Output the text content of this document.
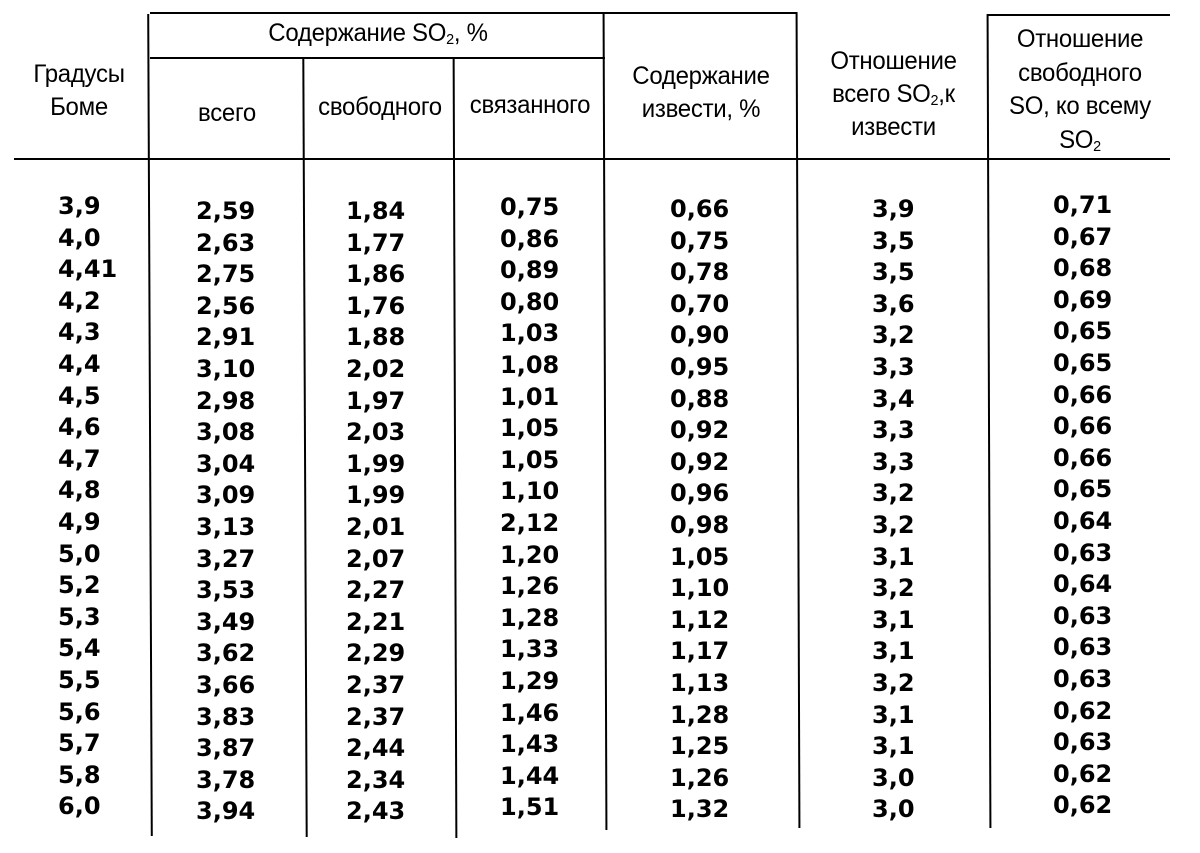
Градусы
Боме
Содержание $SO_2$, %
всего	свободного	связанного
Содержание
извести, %
Отношение
всего $SO_2,к$
извести
Отношение
свободного
SO, ко всему
$SO_2$
3,9
4,0
4,41
4,2
4,3
4,4
4,5
4,6
4,7
4,8
4,9
5,0
5,2
5,3
5,4
5,5
5,6
5,7
5,8
6,0
2,59
2,63
2,75
2,56
2,91
3,10
2,98
3,08
3,04
3,09
3,13
3,27
3,53
3,49
3,62
3,66
3,83
3,87
3,78
3,94
1,84
1,77
1,86
1,76
1,88
2,02
1,97
2,03
1,99
1,99
2,01
2,07
2,27
2,21
2,29
2,37
2,37
2,44
2,34
2,43
0,75
0,86
0,89
0,80
1,03
1,08
1,01
1,05
1,05
1,10
2,12
1,20
1,26
1,28
1,33
1,29
1,46
1,43
1,44
1,51
0,66
0,75
0,78
0,70
0,90
0,95
0,88
0,92
0,92
0,96
0,98
1,05
1,10
1,12
1,17
1,13
1,28
1,25
1,26
1,32
3,9
3,5
3,5
3,6
3,2
3,3
3,4
3,3
3,3
3,2
3,2
3,1
3,2
3,1
3,1
3,2
3,1
3,1
3,0
3,0
0,71
0,67
0,68
0,69
0,65
0,65
0,66
0,66
0,66
0,65
0,64
0,63
0,64
0,63
0,63
0,63
0,62
0,63
0,62
0,62
